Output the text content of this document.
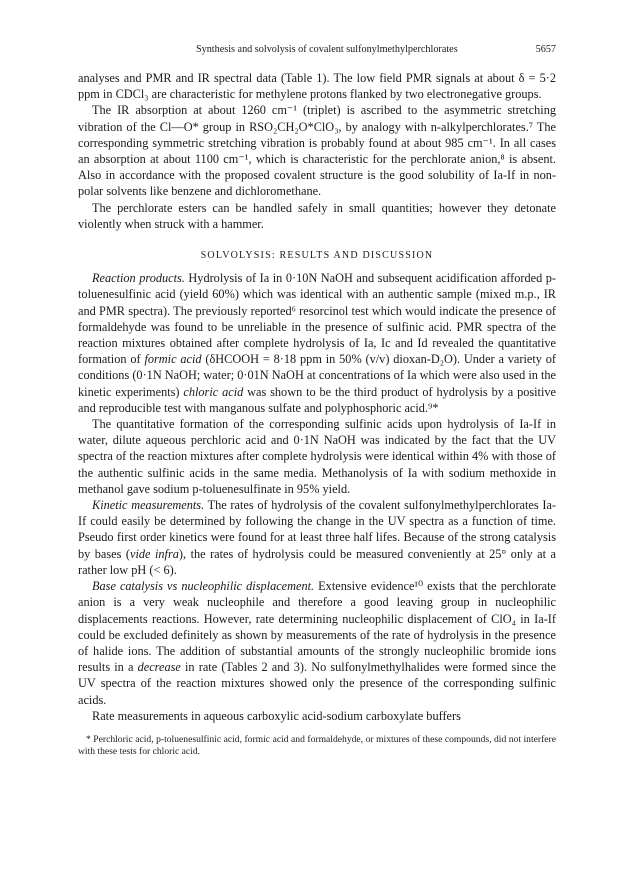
Synthesis and solvolysis of covalent sulfonylmethylperchlorates	5657

analyses and PMR and IR spectral data (Table 1). The low field PMR signals at about δ = 5·2 ppm in CDCl₃ are characteristic for methylene protons flanked by two electronegative groups.

The IR absorption at about 1260 cm⁻¹ (triplet) is ascribed to the asymmetric stretching vibration of the Cl—O* group in RSO₂CH₂O*ClO₃, by analogy with n-alkylperchlorates.⁷ The corresponding symmetric stretching vibration is probably found at about 985 cm⁻¹. In all cases an absorption at about 1100 cm⁻¹, which is characteristic for the perchlorate anion,⁸ is absent. Also in accordance with the proposed covalent structure is the good solubility of Ia-If in non-polar solvents like benzene and dichloromethane.

The perchlorate esters can be handled safely in small quantities; however they detonate violently when struck with a hammer.

SOLVOLYSIS: RESULTS AND DISCUSSION

Reaction products. Hydrolysis of Ia in 0·10N NaOH and subsequent acidification afforded p-toluenesulfinic acid (yield 60%) which was identical with an authentic sample (mixed m.p., IR and PMR spectra). The previously reported⁶ resorcinol test which would indicate the presence of formaldehyde was found to be unreliable in the presence of sulfinic acid. PMR spectra of the reaction mixtures obtained after complete hydrolysis of Ia, Ic and Id revealed the quantitative formation of formic acid (δHCOOH = 8·18 ppm in 50% (v/v) dioxan-D₂O). Under a variety of conditions (0·1N NaOH; water; 0·01N NaOH at concentrations of Ia which were also used in the kinetic experiments) chloric acid was shown to be the third product of hydrolysis by a positive and reproducible test with manganous sulfate and polyphosphoric acid.⁹*

The quantitative formation of the corresponding sulfinic acids upon hydrolysis of Ia-If in water, dilute aqueous perchloric acid and 0·1N NaOH was indicated by the fact that the UV spectra of the reaction mixtures after complete hydrolysis were identical within 4% with those of the authentic sulfinic acids in the same media. Methanolysis of Ia with sodium methoxide in methanol gave sodium p-toluenesulfinate in 95% yield.

Kinetic measurements. The rates of hydrolysis of the covalent sulfonylmethylperchlorates Ia-If could easily be determined by following the change in the UV spectra as a function of time. Pseudo first order kinetics were found for at least three half lifes. Because of the strong catalysis by bases (vide infra), the rates of hydrolysis could be measured conveniently at 25° only at a rather low pH (< 6).

Base catalysis vs nucleophilic displacement. Extensive evidence¹⁰ exists that the perchlorate anion is a very weak nucleophile and therefore a good leaving group in nucleophilic displacements reactions. However, rate determining nucleophilic displacement of ClO₄ in Ia-If could be excluded definitely as shown by measurements of the rate of hydrolysis in the presence of halide ions. The addition of substantial amounts of the strongly nucleophilic bromide ions results in a decrease in rate (Tables 2 and 3). No sulfonylmethylhalides were formed since the UV spectra of the reaction mixtures showed only the presence of the corresponding sulfinic acids.

Rate measurements in aqueous carboxylic acid-sodium carboxylate buffers

* Perchloric acid, p-toluenesulfinic acid, formic acid and formaldehyde, or mixtures of these compounds, did not interfere with these tests for chloric acid.
